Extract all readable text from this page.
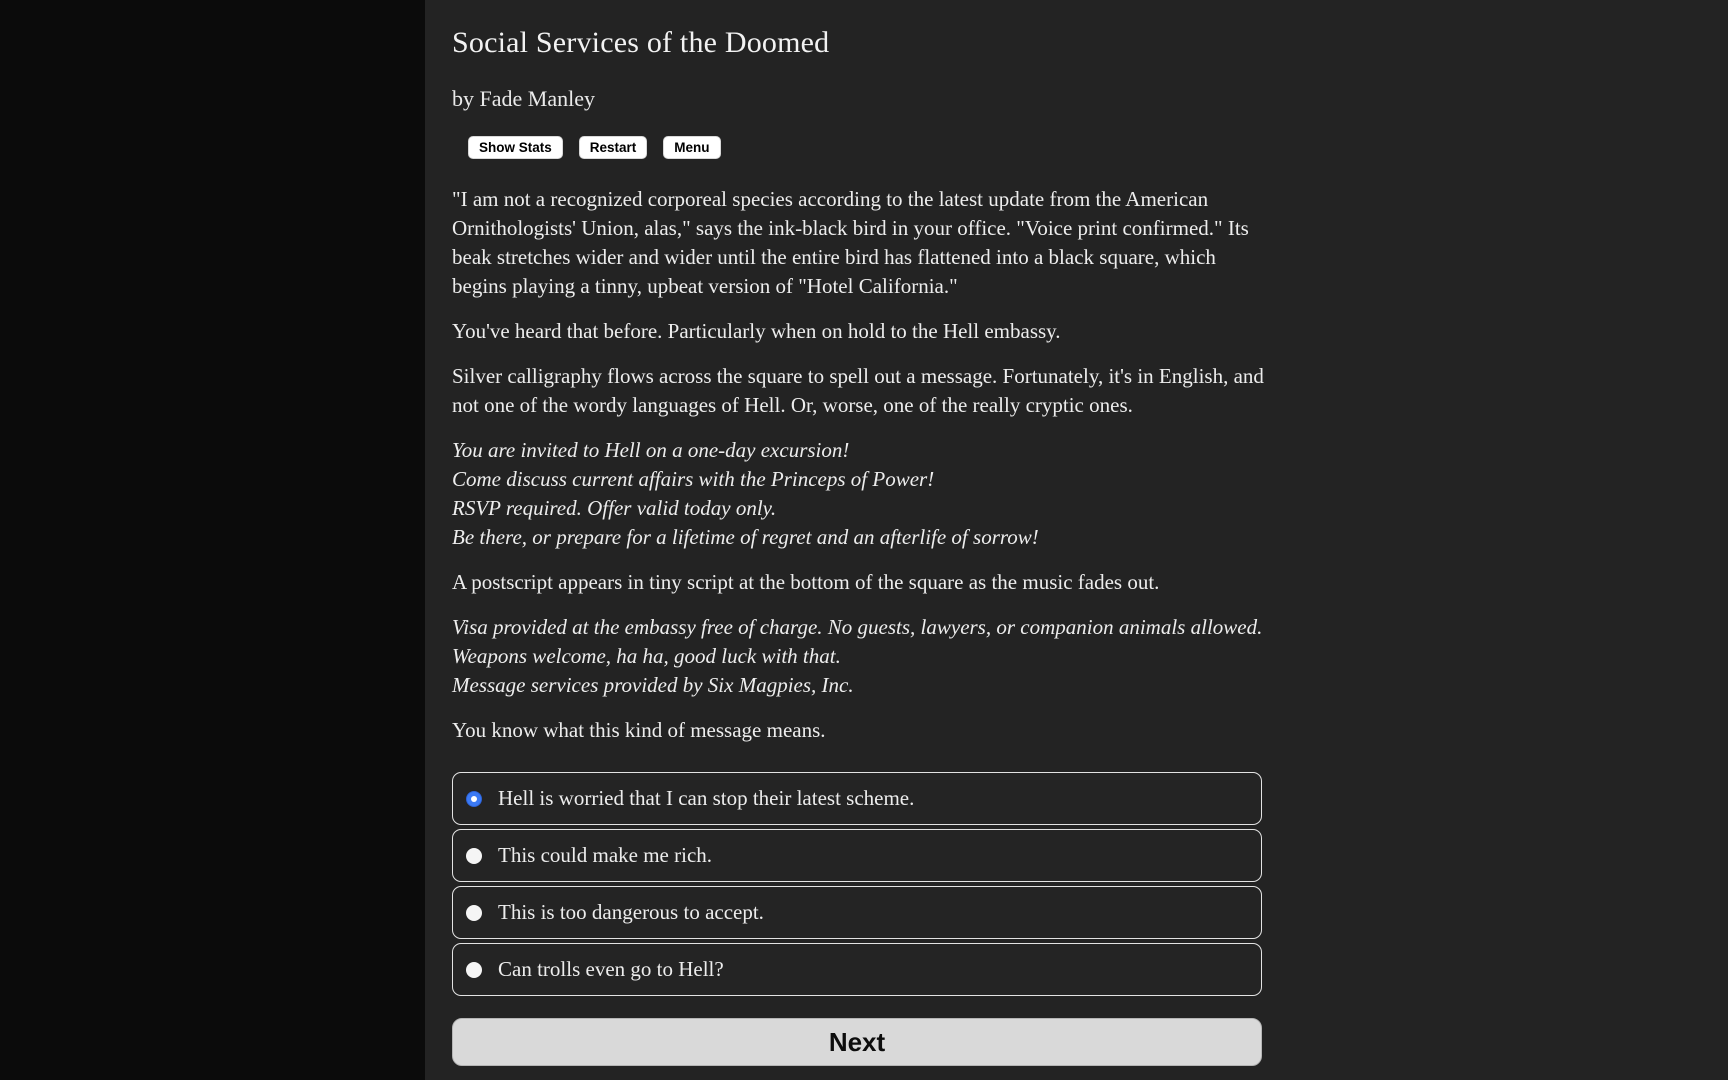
Social Services of the Doomed
by Fade Manley
Show Stats	Restart	Menu

"I am not a recognized corporeal species according to the latest update from the American Ornithologists' Union, alas," says the ink-black bird in your office. "Voice print confirmed." Its beak stretches wider and wider until the entire bird has flattened into a black square, which begins playing a tinny, upbeat version of "Hotel California."

You've heard that before. Particularly when on hold to the Hell embassy.

Silver calligraphy flows across the square to spell out a message. Fortunately, it's in English, and not one of the wordy languages of Hell. Or, worse, one of the really cryptic ones.

You are invited to Hell on a one-day excursion!
Come discuss current affairs with the Princeps of Power!
RSVP required. Offer valid today only.
Be there, or prepare for a lifetime of regret and an afterlife of sorrow!

A postscript appears in tiny script at the bottom of the square as the music fades out.

Visa provided at the embassy free of charge. No guests, lawyers, or companion animals allowed.
Weapons welcome, ha ha, good luck with that.
Message services provided by Six Magpies, Inc.

You know what this kind of message means.

Hell is worried that I can stop their latest scheme.
This could make me rich.
This is too dangerous to accept.
Can trolls even go to Hell?
Next
